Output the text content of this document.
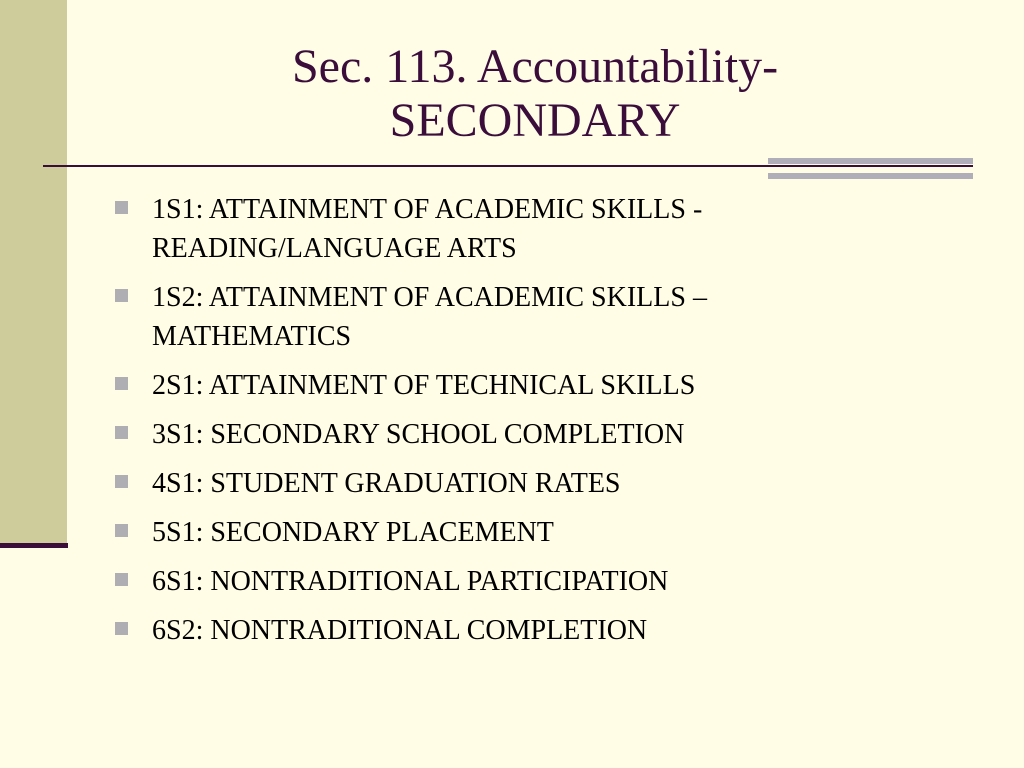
Sec. 113. Accountability-
SECONDARY
1S1: ATTAINMENT OF ACADEMIC SKILLS -
READING/LANGUAGE ARTS
1S2: ATTAINMENT OF ACADEMIC SKILLS –
MATHEMATICS
2S1: ATTAINMENT OF TECHNICAL SKILLS
3S1: SECONDARY SCHOOL COMPLETION
4S1: STUDENT GRADUATION RATES
5S1: SECONDARY PLACEMENT
6S1: NONTRADITIONAL PARTICIPATION
6S2: NONTRADITIONAL COMPLETION
